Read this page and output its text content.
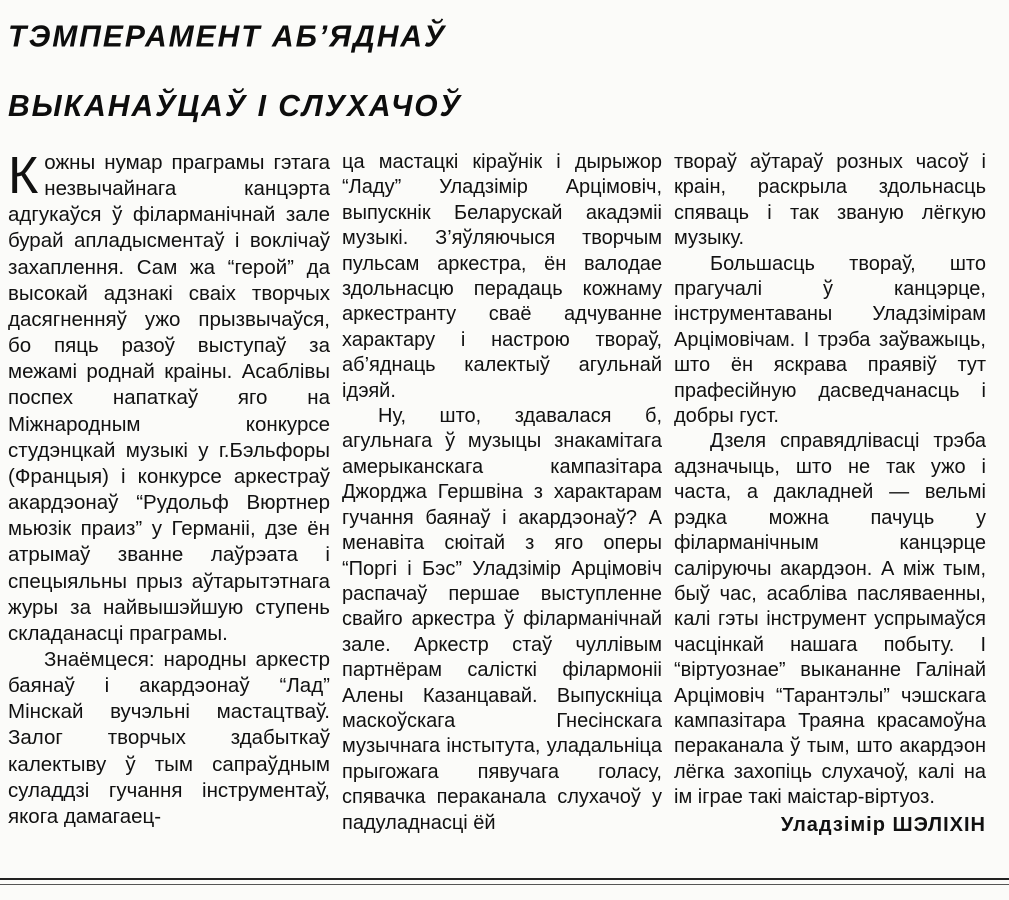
ТЭМПЕРАМЕНТ АБ’ЯДНАЎ
ВЫКАНАЎЦАЎ І СЛУХАЧОЎ

Кожны нумар праграмы гэтага незвычайнага канцэрта адгукаўся ў філарманічнай зале бурай апладысментаў і воклічаў захаплення. Сам жа “герой” да высокай адзнакі сваіх творчых дасягненняў ужо прызвычаўся, бо пяць разоў выступаў за межамі роднай краіны. Асаблівы поспех напаткаў яго на Міжнародным конкурсе студэнцкай музыкі у г.Бэльфоры (Францыя) і конкурсе аркестраў акардэонаў “Рудольф Вюртнер мьюзік праиз” у Германіі, дзе ён атрымаў званне лаўрэата і спецыяльны прыз аўтарытэтнага журы за найвышэйшую ступень складанасці праграмы.

Знаёмцеся: народны аркестр баянаў і акардэонаў “Лад” Мінскай вучэльні мастацтваў. Залог творчых здабыткаў калектыву ў тым сапраўдным суладдзі гучання інструментаў, якога дамагаец-

ца мастацкі кіраўнік і дырыжор “Ладу” Уладзімір Арцімовіч, выпускнік Беларускай акадэміі музыкі. З’яўляючыся творчым пульсам аркестра, ён валодае здольнасцю перадаць кожнаму аркестранту сваё адчуванне характару і настрою твораў, аб’яднаць калектыў агульнай ідэяй.

Ну, што, здавалася б, агульнага ў музыцы знакамітага амерыканскага кампазітара Джорджа Гершвіна з характарам гучання баянаў і акардэонаў? А менавіта сюітай з яго оперы “Поргі і Бэс” Уладзімір Арцімовіч распачаў першае выступленне свайго аркестра ў філарманічнай зале. Аркестр стаў чуллівым партнёрам салісткі філармоніі Алены Казанцавай. Выпускніца маскоўскага Гнесінскага музычнага інстытута, уладальніца прыгожага пявучага голасу, спявачка пераканала слухачоў у падуладнасці ёй

твораў аўтараў розных часоў і краін, раскрыла здольнасць спяваць і так званую лёгкую музыку.

Большасць твораў, што прагучалі ў канцэрце, інструментаваны Уладзімірам Арцімовічам. І трэба заўважыць, што ён яскрава праявіў тут прафесійную дасведчанасць і добры густ.

Дзеля справядлівасці трэба адзначыць, што не так ужо і часта, а дакладней — вельмі рэдка можна пачуць у філарманічным канцэрце саліруючы акардэон. А між тым, быў час, асабліва пасляваенны, калі гэты інструмент успрымаўся часцінкай нашага побыту. І “віртуознае” выкананне Галінай Арцімовіч “Тарантэлы” чэшскага кампазітара Траяна красамоўна пераканала ў тым, што акардэон лёгка захопіць слухачоў, калі на ім іграе такі маістар-віртуоз.

Уладзімір ШЭЛІХІН
